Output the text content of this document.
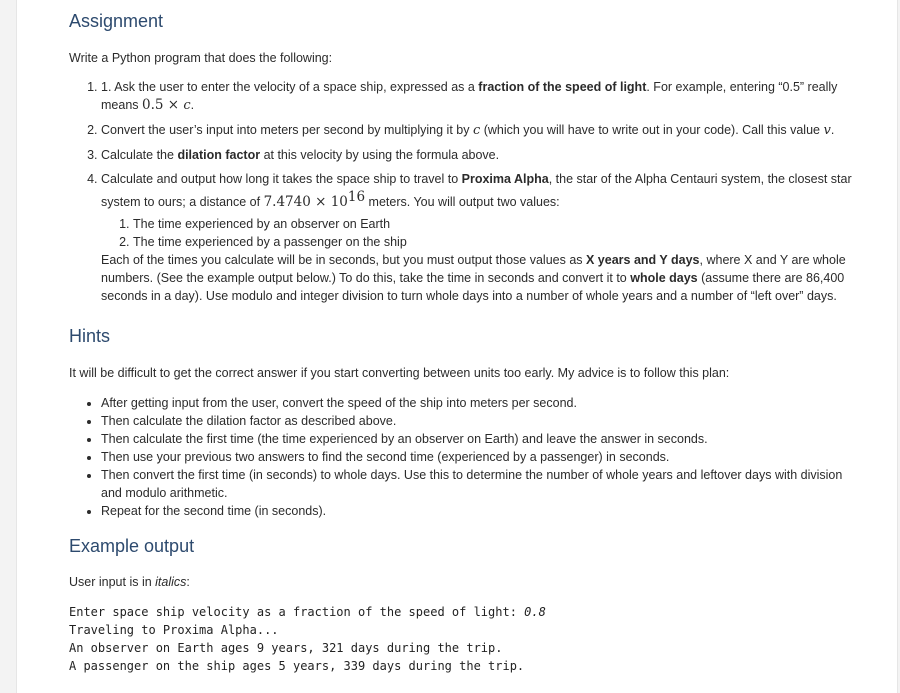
Assignment

Write a Python program that does the following:

1. 1. Ask the user to enter the velocity of a space ship, expressed as a fraction of the speed of light. For example, entering “0.5” really means 0.5 × c.
2. Convert the user’s input into meters per second by multiplying it by c (which you will have to write out in your code). Call this value v.
3. Calculate the dilation factor at this velocity by using the formula above.
4. Calculate and output how long it takes the space ship to travel to Proxima Alpha, the star of the Alpha Centauri system, the closest star system to ours; a distance of $7.4740 \times 10^{16}$ meters. You will output two values:
1. The time experienced by an observer on Earth
2. The time experienced by a passenger on the ship
Each of the times you calculate will be in seconds, but you must output those values as X years and Y days, where X and Y are whole numbers. (See the example output below.) To do this, take the time in seconds and convert it to whole days (assume there are 86,400 seconds in a day). Use modulo and integer division to turn whole days into a number of whole years and a number of “left over” days.
Hints

It will be difficult to get the correct answer if you start converting between units too early. My advice is to follow this plan:

• After getting input from the user, convert the speed of the ship into meters per second.
• Then calculate the dilation factor as described above.
• Then calculate the first time (the time experienced by an observer on Earth) and leave the answer in seconds.
• Then use your previous two answers to find the second time (experienced by a passenger) in seconds.
• Then convert the first time (in seconds) to whole days. Use this to determine the number of whole years and leftover days with division and modulo arithmetic.
• Repeat for the second time (in seconds).
Example output

User input is in italics:

Enter space ship velocity as a fraction of the speed of light: 0.8
Traveling to Proxima Alpha...
An observer on Earth ages 9 years, 321 days during the trip.
A passenger on the ship ages 5 years, 339 days during the trip.
